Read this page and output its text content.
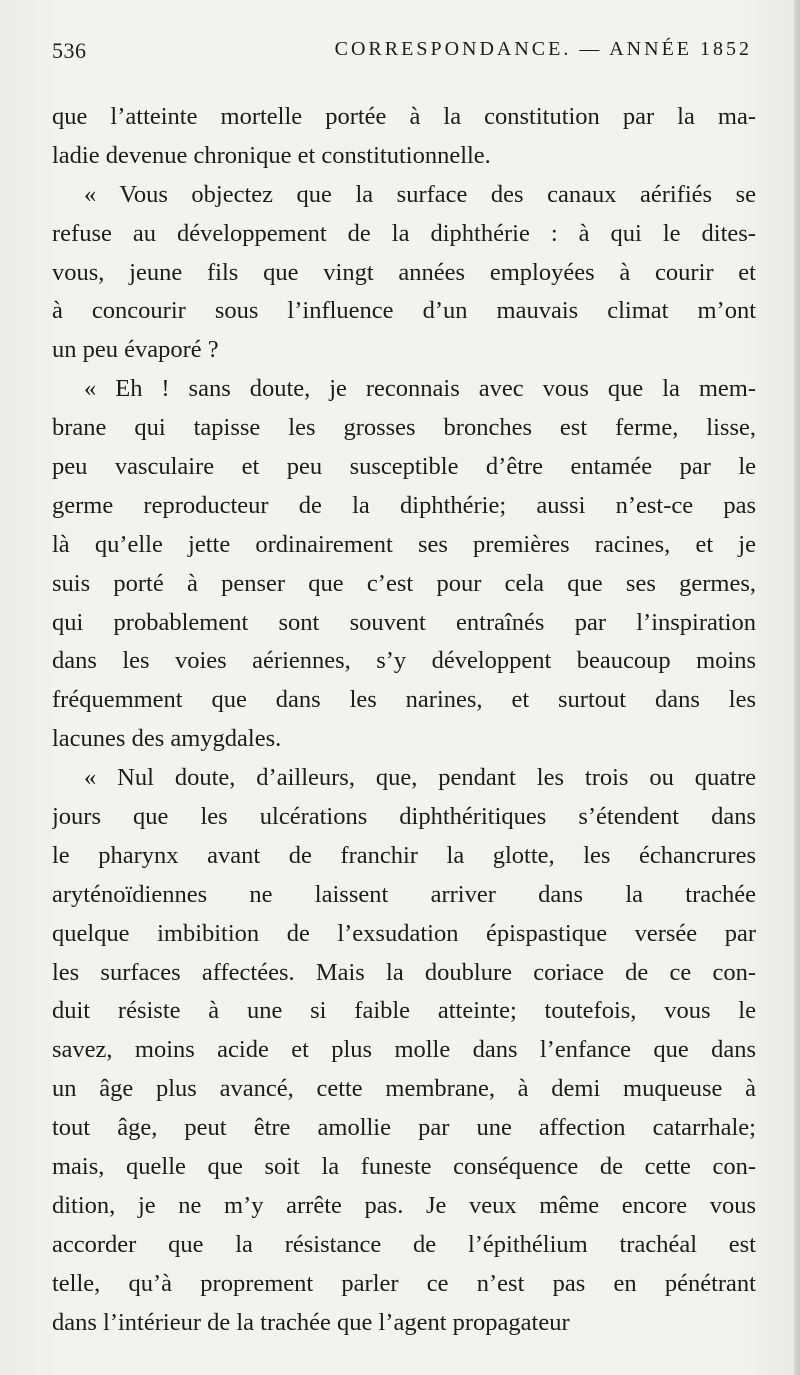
536	CORRESPONDANCE. — ANNÉE 1852
que l’atteinte mortelle portée à la constitution par la ma-
ladie devenue chronique et constitutionnelle.
« Vous objectez que la surface des canaux aérifiés se
refuse au développement de la diphthérie : à qui le dites-
vous, jeune fils que vingt années employées à courir et
à concourir sous l’influence d’un mauvais climat m’ont
un peu évaporé ?
« Eh ! sans doute, je reconnais avec vous que la mem-
brane qui tapisse les grosses bronches est ferme, lisse,
peu vasculaire et peu susceptible d’être entamée par le
germe reproducteur de la diphthérie; aussi n’est-ce pas
là qu’elle jette ordinairement ses premières racines, et je
suis porté à penser que c’est pour cela que ses germes,
qui probablement sont souvent entraînés par l’inspiration
dans les voies aériennes, s’y développent beaucoup moins
fréquemment que dans les narines, et surtout dans les
lacunes des amygdales.
« Nul doute, d’ailleurs, que, pendant les trois ou quatre
jours que les ulcérations diphthéritiques s’étendent dans
le pharynx avant de franchir la glotte, les échancrures
aryténoïdiennes ne laissent arriver dans la trachée
quelque imbibition de l’exsudation épispastique versée par
les surfaces affectées. Mais la doublure coriace de ce con-
duit résiste à une si faible atteinte; toutefois, vous le
savez, moins acide et plus molle dans l’enfance que dans
un âge plus avancé, cette membrane, à demi muqueuse à
tout âge, peut être amollie par une affection catarrhale;
mais, quelle que soit la funeste conséquence de cette con-
dition, je ne m’y arrête pas. Je veux même encore vous
accorder que la résistance de l’épithélium trachéal est
telle, qu’à proprement parler ce n’est pas en pénétrant
dans l’intérieur de la trachée que l’agent propagateur
